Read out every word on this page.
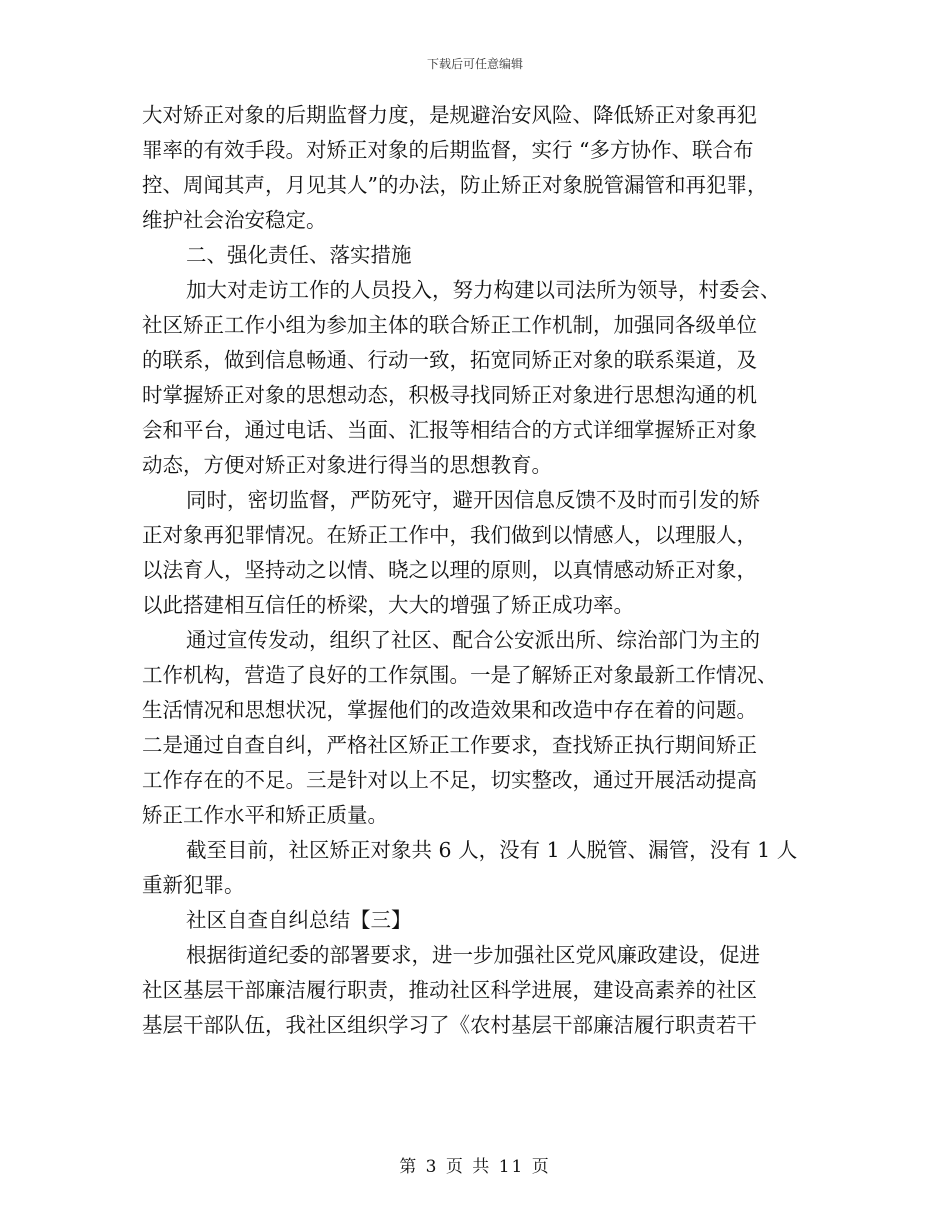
下载后可任意编辑
大对矫正对象的后期监督力度，是规避治安风险、降低矫正对象再犯
罪率的有效手段。对矫正对象的后期监督，实行 “多方协作、联合布
控、周闻其声，月见其人”的办法，防止矫正对象脱管漏管和再犯罪，
维护社会治安稳定。
二、强化责任、落实措施
加大对走访工作的人员投入，努力构建以司法所为领导，村委会、
社区矫正工作小组为参加主体的联合矫正工作机制，加强同各级单位
的联系，做到信息畅通、行动一致，拓宽同矫正对象的联系渠道，及
时掌握矫正对象的思想动态，积极寻找同矫正对象进行思想沟通的机
会和平台，通过电话、当面、汇报等相结合的方式详细掌握矫正对象
动态，方便对矫正对象进行得当的思想教育。
同时，密切监督，严防死守，避开因信息反馈不及时而引发的矫
正对象再犯罪情况。在矫正工作中，我们做到以情感人，以理服人，
以法育人，坚持动之以情、晓之以理的原则，以真情感动矫正对象，
以此搭建相互信任的桥梁，大大的增强了矫正成功率。
通过宣传发动，组织了社区、配合公安派出所、综治部门为主的
工作机构，营造了良好的工作氛围。一是了解矫正对象最新工作情况、
生活情况和思想状况，掌握他们的改造效果和改造中存在着的问题。
二是通过自查自纠，严格社区矫正工作要求，查找矫正执行期间矫正
工作存在的不足。三是针对以上不足，切实整改，通过开展活动提高
矫正工作水平和矫正质量。
截至目前，社区矫正对象共 6 人，没有 1 人脱管、漏管，没有 1 人
重新犯罪。
社区自查自纠总结【三】
根据街道纪委的部署要求，进一步加强社区党风廉政建设，促进
社区基层干部廉洁履行职责，推动社区科学进展，建设高素养的社区
基层干部队伍，我社区组织学习了《农村基层干部廉洁履行职责若干
第 3 页 共 11 页
